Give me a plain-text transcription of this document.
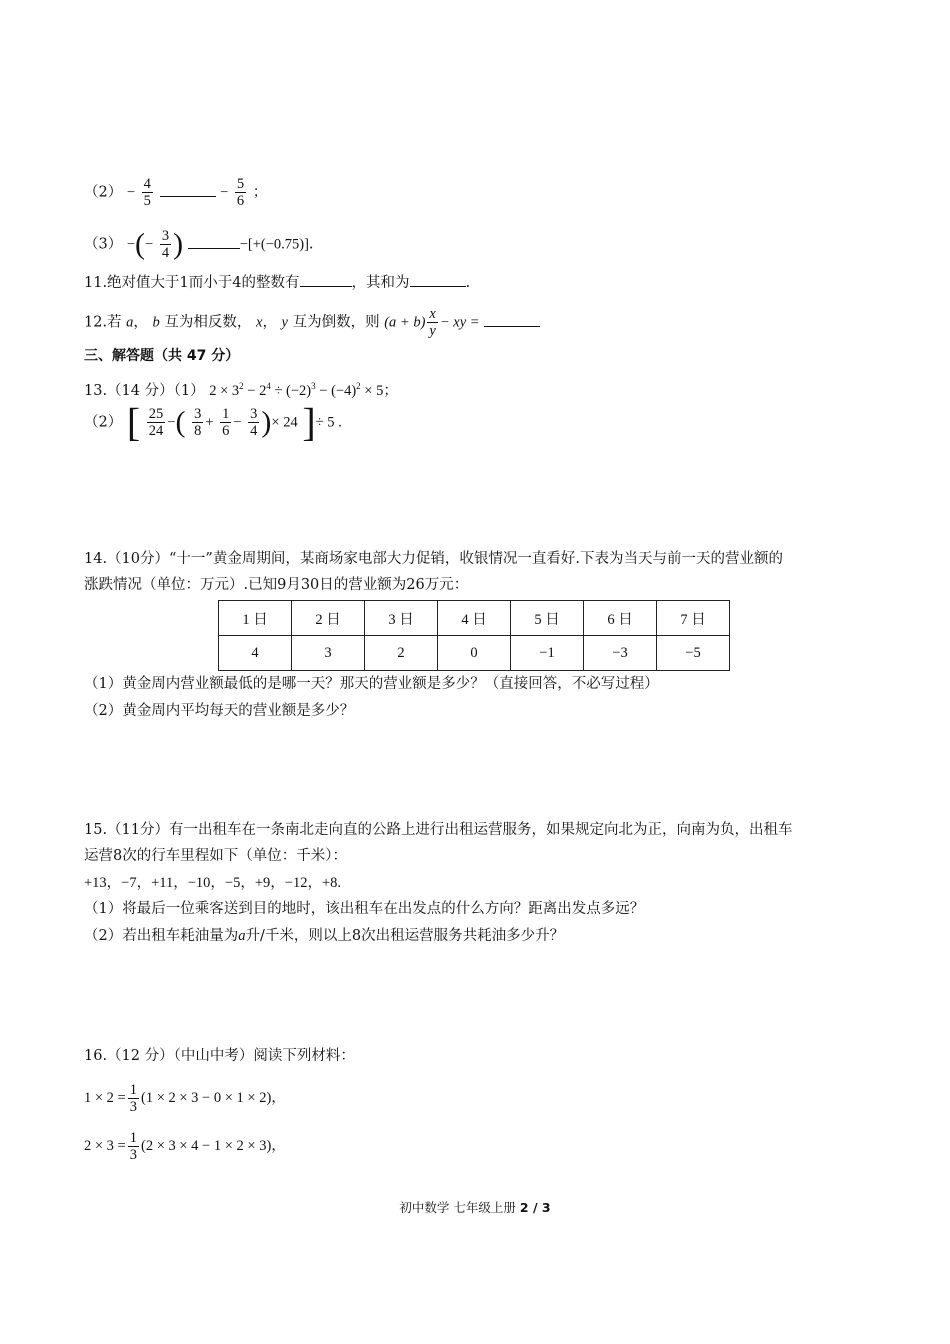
$(2) - \frac{4}{5}$	− $\frac{5}{6}$ ；
（3） −(− $\frac{3}{4}$ )	−[+(−0.75)].
11.绝对值大于1而小于4的整数有	，其和为	.
12.若 a， b 互为相反数， x， y 互为倒数，则 $(a + b) \frac{x}{y}$ − xy =
三、解答题（共 47 分）
13.（14 分）（1） $2 \times 3^2 - 2^4 \div (-2)^3 - (-4)^2 \times 5$；
（2） [ $\frac{25}{24}$ −( $\frac{3}{8} + \frac{1}{6} - \frac{3}{4}$ )× 24 ]÷ 5 .
14.（10分）“十一”黄金周期间，某商场家电部大力促销，收银情况一直看好.下表为当天与前一天的营业额的
涨跌情况（单位：万元）.已知9月30日的营业额为26万元：
1 日	2 日	3 日	4 日	5 日	6 日	7 日
4	3	2	0	−1	−3	−5
（1）黄金周内营业额最低的是哪一天？那天的营业额是多少？（直接回答，不必写过程）
（2）黄金周内平均每天的营业额是多少？
15.（11分）有一出租车在一条南北走向直的公路上进行出租运营服务，如果规定向北为正，向南为负，出租车
运营8次的行车里程如下（单位：千米）：
+13，−7，+11，−10，−5，+9，−12，+8.
（1）将最后一位乘客送到目的地时，该出租车在出发点的什么方向？距离出发点多远？
（2）若出租车耗油量为a升/千米，则以上8次出租运营服务共耗油多少升？
16.（12 分）（中山中考）阅读下列材料：
$1 \times 2 = \frac{1}{3} (1 \times 2 \times 3 - 0 \times 1 \times 2)$，
$2 \times 3 = \frac{1}{3} (2 \times 3 \times 4 - 1 \times 2 \times 3)$，
初中数学 七年级上册 2 / 3
